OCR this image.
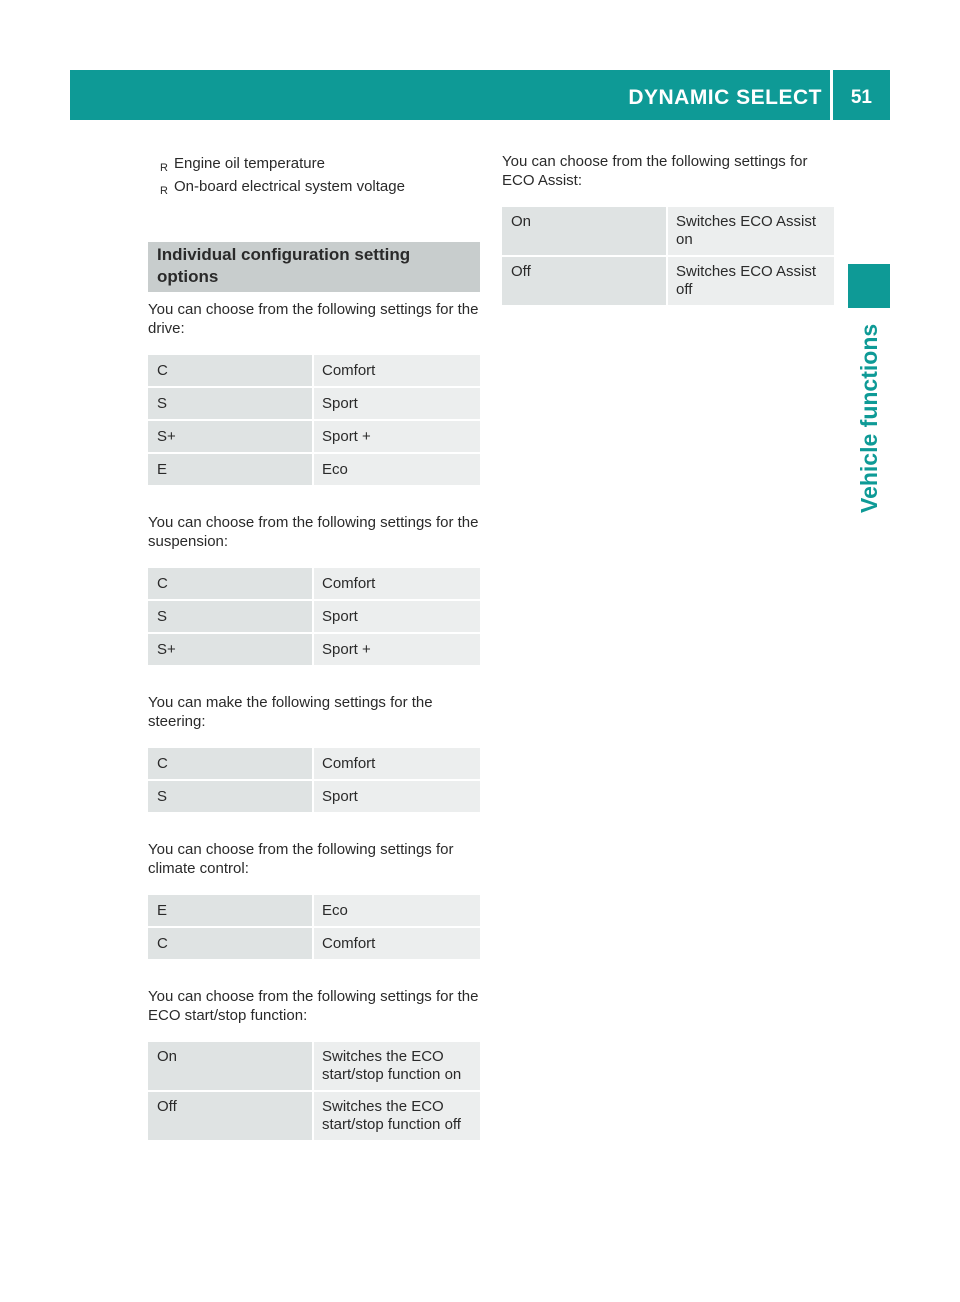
DYNAMIC SELECT 51
Vehicle functions
R Engine oil temperature
R On-board electrical system voltage
Individual configuration setting options

You can choose from the following settings for the drive:

C	Comfort
S	Sport
S+	Sport +
E	Eco

You can choose from the following settings for the suspension:

C	Comfort
S	Sport
S+	Sport +

You can make the following settings for the steering:

C	Comfort
S	Sport

You can choose from the following settings for climate control:

E	Eco
C	Comfort

You can choose from the following settings for the ECO start/stop function:

On	Switches the ECO start/stop function on
Off	Switches the ECO start/stop function off

You can choose from the following settings for ECO Assist:

On	Switches ECO Assist on
Off	Switches ECO Assist off
